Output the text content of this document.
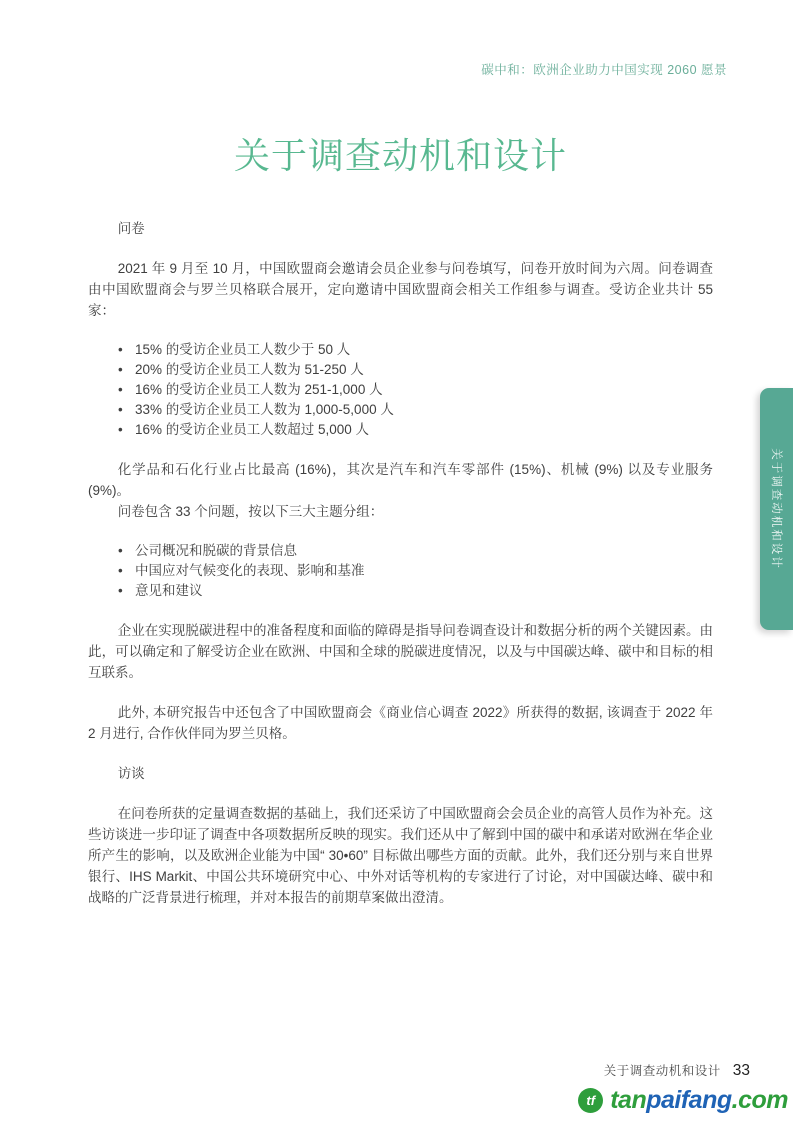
碳中和：欧洲企业助力中国实现 2060 愿景
关于调查动机和设计
问卷

2021 年 9 月至 10 月，中国欧盟商会邀请会员企业参与问卷填写，问卷开放时间为六周。问卷调查由中国欧盟商会与罗兰贝格联合展开，定向邀请中国欧盟商会相关工作组参与调查。受访企业共计 55 家：

• 15% 的受访企业员工人数少于 50 人
• 20% 的受访企业员工人数为 51-250 人
• 16% 的受访企业员工人数为 251-1,000 人
• 33% 的受访企业员工人数为 1,000-5,000 人
• 16% 的受访企业员工人数超过 5,000 人

化学品和石化行业占比最高 (16%)，其次是汽车和汽车零部件 (15%)、机械 (9%) 以及专业服务 (9%)。

问卷包含 33 个问题，按以下三大主题分组：

• 公司概况和脱碳的背景信息
• 中国应对气候变化的表现、影响和基准
• 意见和建议

企业在实现脱碳进程中的准备程度和面临的障碍是指导问卷调查设计和数据分析的两个关键因素。由此，可以确定和了解受访企业在欧洲、中国和全球的脱碳进度情况，以及与中国碳达峰、碳中和目标的相互联系。

此外, 本研究报告中还包含了中国欧盟商会《商业信心调查 2022》所获得的数据, 该调查于 2022 年 2 月进行, 合作伙伴同为罗兰贝格。

访谈

在问卷所获的定量调查数据的基础上，我们还采访了中国欧盟商会会员企业的高管人员作为补充。这些访谈进一步印证了调查中各项数据所反映的现实。我们还从中了解到中国的碳中和承诺对欧洲在华企业所产生的影响，以及欧洲企业能为中国“ 30•60” 目标做出哪些方面的贡献。此外，我们还分别与来自世界银行、IHS Markit、中国公共环境研究中心、中外对话等机构的专家进行了讨论，对中国碳达峰、碳中和战略的广泛背景进行梳理，并对本报告的前期草案做出澄清。

关于调查动机和设计
关于调查动机和设计 33
tf tanpaifang.com
